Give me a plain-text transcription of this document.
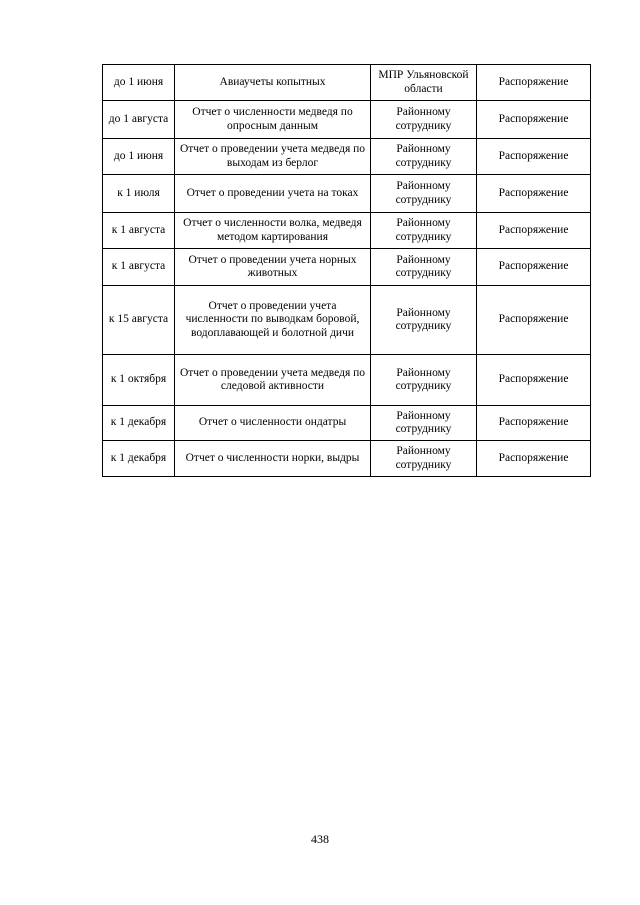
до 1 июня	Авиаучеты копытных	МПР Ульяновской области	Распоряжение
до 1 августа	Отчет о численности медведя по опросным данным	Районному сотруднику	Распоряжение
до 1 июня	Отчет о проведении учета медведя по выходам из берлог	Районному сотруднику	Распоряжение
к 1 июля	Отчет о проведении учета на токах	Районному сотруднику	Распоряжение
к 1 августа	Отчет о численности волка, медведя методом картирования	Районному сотруднику	Распоряжение
к 1 августа	Отчет о проведении учета норных животных	Районному сотруднику	Распоряжение
к 15 августа	Отчет о проведении учета численности по выводкам боровой, водоплавающей и болотной дичи	Районному сотруднику	Распоряжение
к 1 октября	Отчет о проведении учета медведя по следовой активности	Районному сотруднику	Распоряжение
к 1 декабря	Отчет о численности ондатры	Районному сотруднику	Распоряжение
к 1 декабря	Отчет о численности норки, выдры	Районному сотруднику	Распоряжение
438
